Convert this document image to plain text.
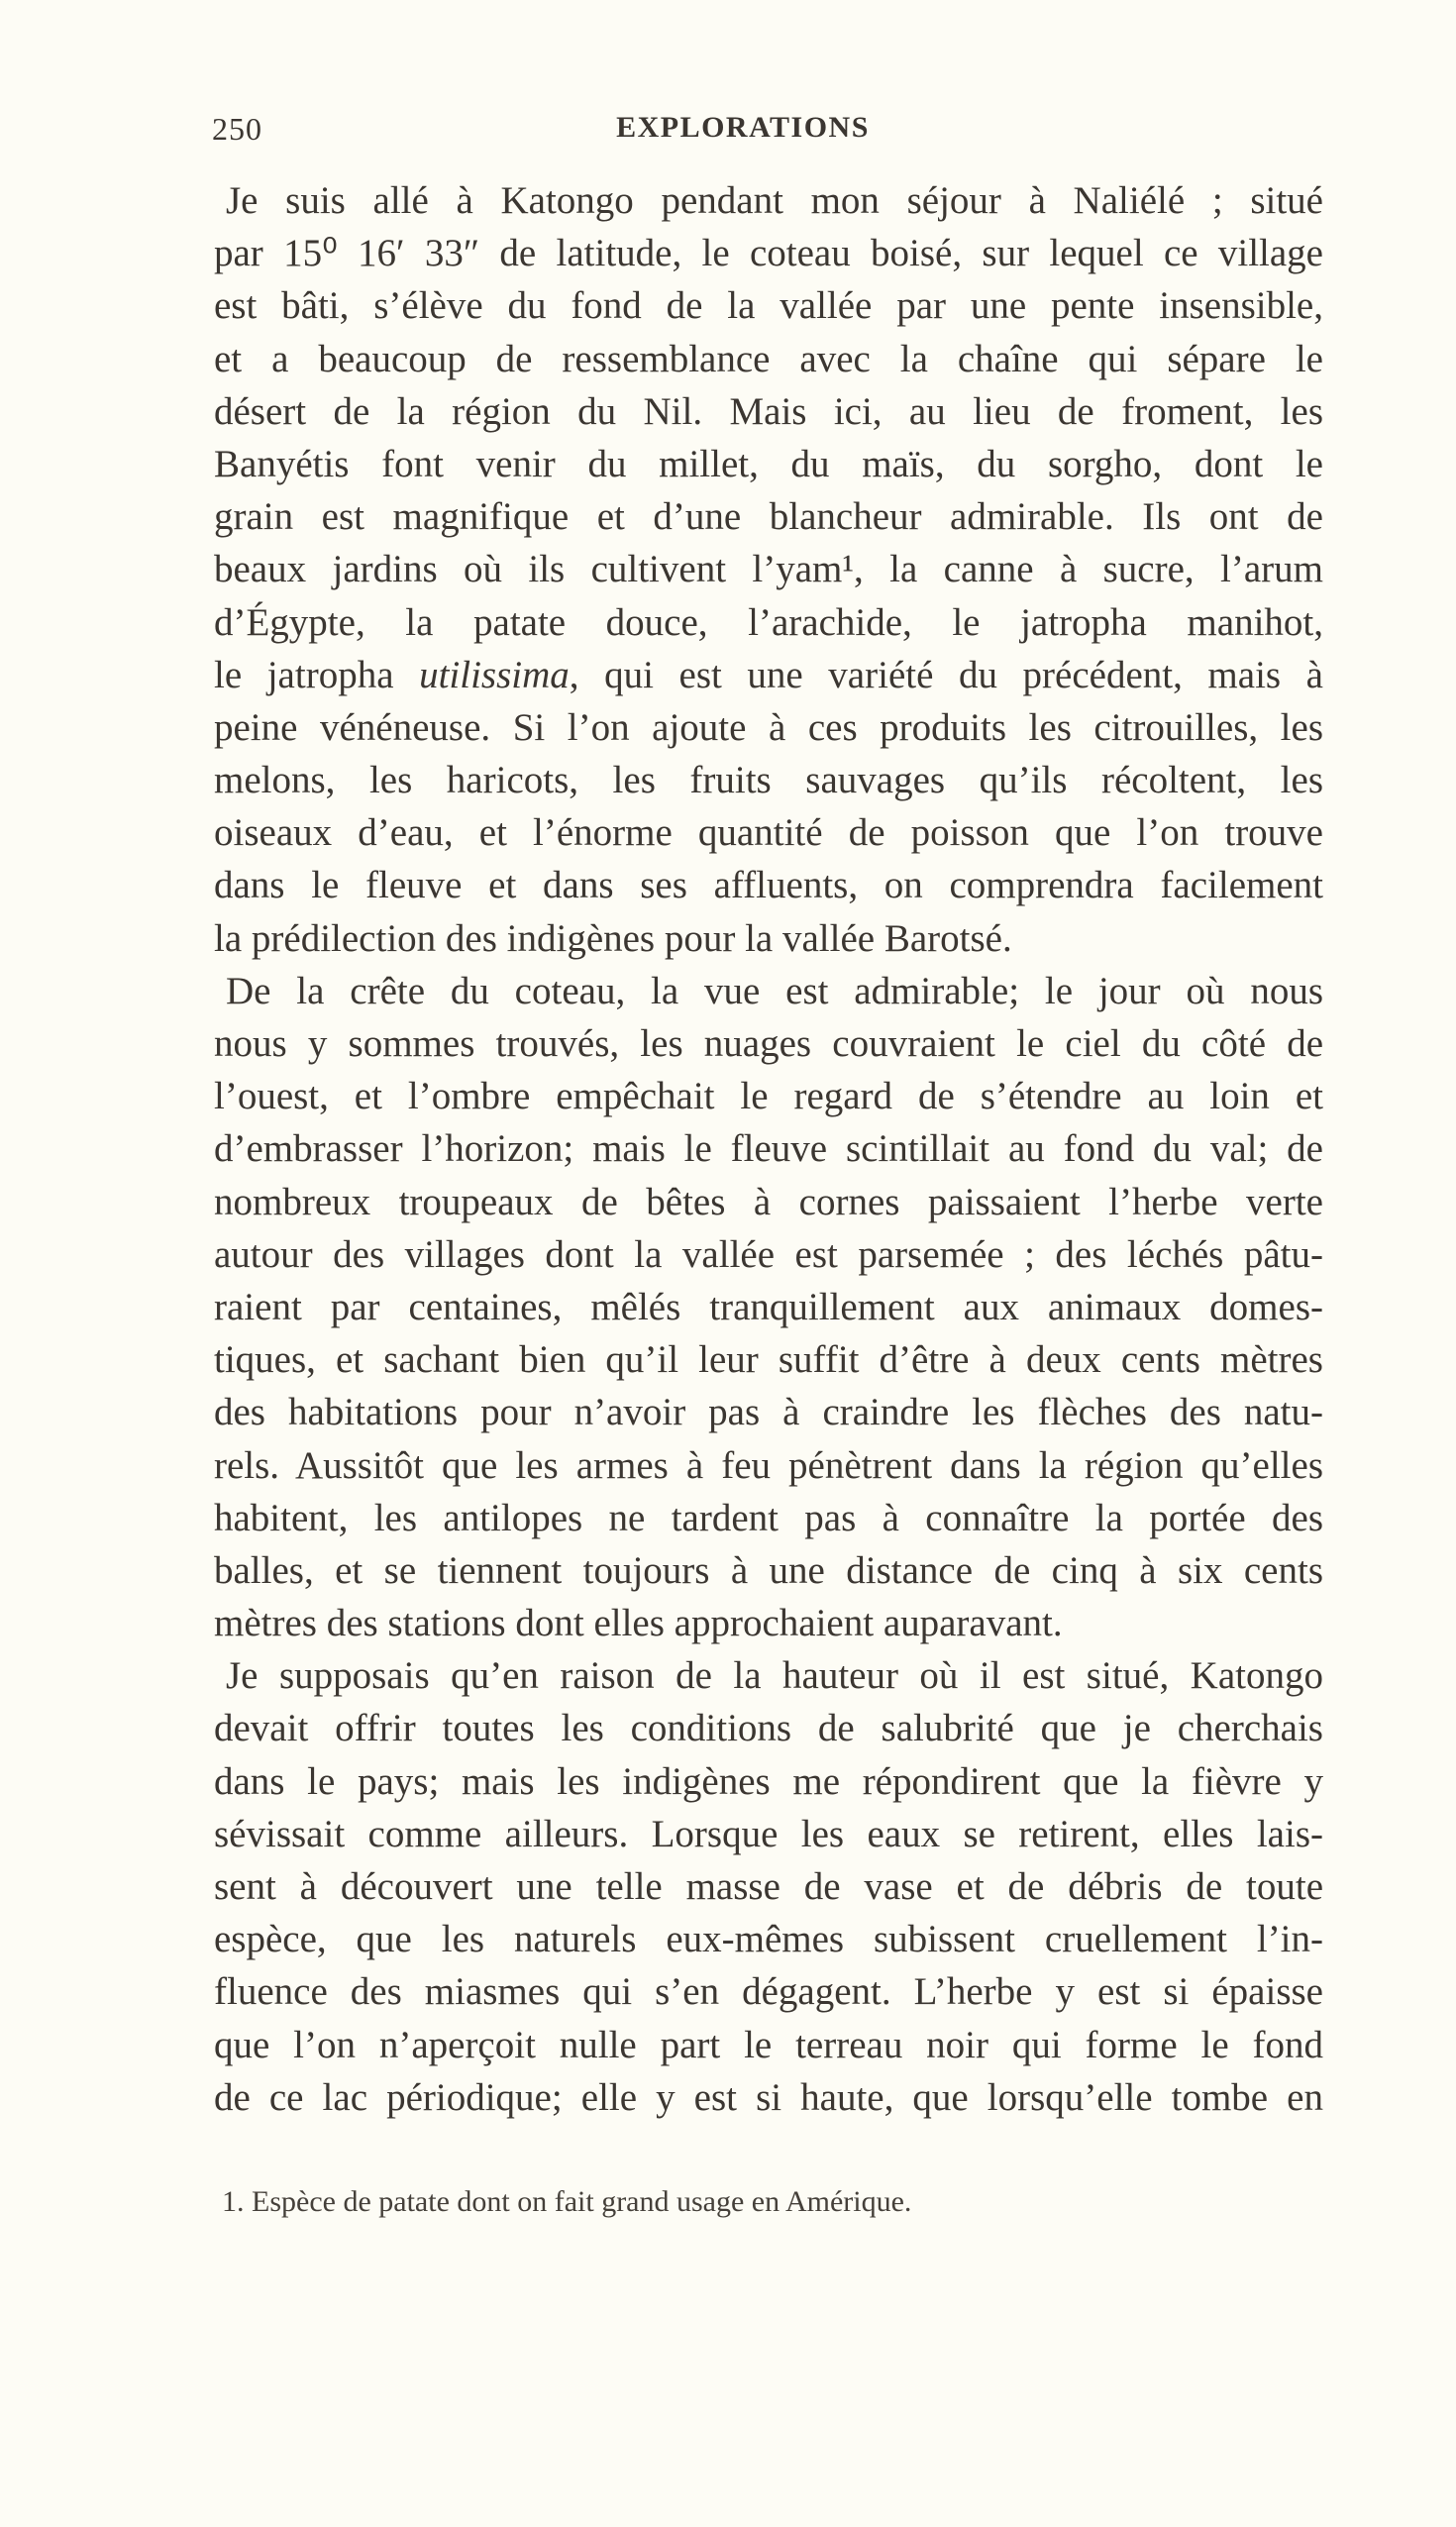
250	EXPLORATIONS
Je suis allé à Katongo pendant mon séjour à Naliélé ; situé
par 15⁰ 16′ 33″ de latitude, le coteau boisé, sur lequel ce village
est bâti, s’élève du fond de la vallée par une pente insensible,
et a beaucoup de ressemblance avec la chaîne qui sépare le
désert de la région du Nil. Mais ici, au lieu de froment, les
Banyétis font venir du millet, du maïs, du sorgho, dont le
grain est magnifique et d’une blancheur admirable. Ils ont de
beaux jardins où ils cultivent l’yam¹, la canne à sucre, l’arum
d’Égypte, la patate douce, l’arachide, le jatropha manihot,
le jatropha utilissima, qui est une variété du précédent, mais à
peine vénéneuse. Si l’on ajoute à ces produits les citrouilles, les
melons, les haricots, les fruits sauvages qu’ils récoltent, les
oiseaux d’eau, et l’énorme quantité de poisson que l’on trouve
dans le fleuve et dans ses affluents, on comprendra facilement
la prédilection des indigènes pour la vallée Barotsé.
De la crête du coteau, la vue est admirable; le jour où nous
nous y sommes trouvés, les nuages couvraient le ciel du côté de
l’ouest, et l’ombre empêchait le regard de s’étendre au loin et
d’embrasser l’horizon; mais le fleuve scintillait au fond du val; de
nombreux troupeaux de bêtes à cornes paissaient l’herbe verte
autour des villages dont la vallée est parsemée ; des léchés pâtu-
raient par centaines, mêlés tranquillement aux animaux domes-
tiques, et sachant bien qu’il leur suffit d’être à deux cents mètres
des habitations pour n’avoir pas à craindre les flèches des natu-
rels. Aussitôt que les armes à feu pénètrent dans la région qu’elles
habitent, les antilopes ne tardent pas à connaître la portée des
balles, et se tiennent toujours à une distance de cinq à six cents
mètres des stations dont elles approchaient auparavant.
Je supposais qu’en raison de la hauteur où il est situé, Katongo
devait offrir toutes les conditions de salubrité que je cherchais
dans le pays; mais les indigènes me répondirent que la fièvre y
sévissait comme ailleurs. Lorsque les eaux se retirent, elles lais-
sent à découvert une telle masse de vase et de débris de toute
espèce, que les naturels eux-mêmes subissent cruellement l’in-
fluence des miasmes qui s’en dégagent. L’herbe y est si épaisse
que l’on n’aperçoit nulle part le terreau noir qui forme le fond
de ce lac périodique; elle y est si haute, que lorsqu’elle tombe en
1. Espèce de patate dont on fait grand usage en Amérique.
